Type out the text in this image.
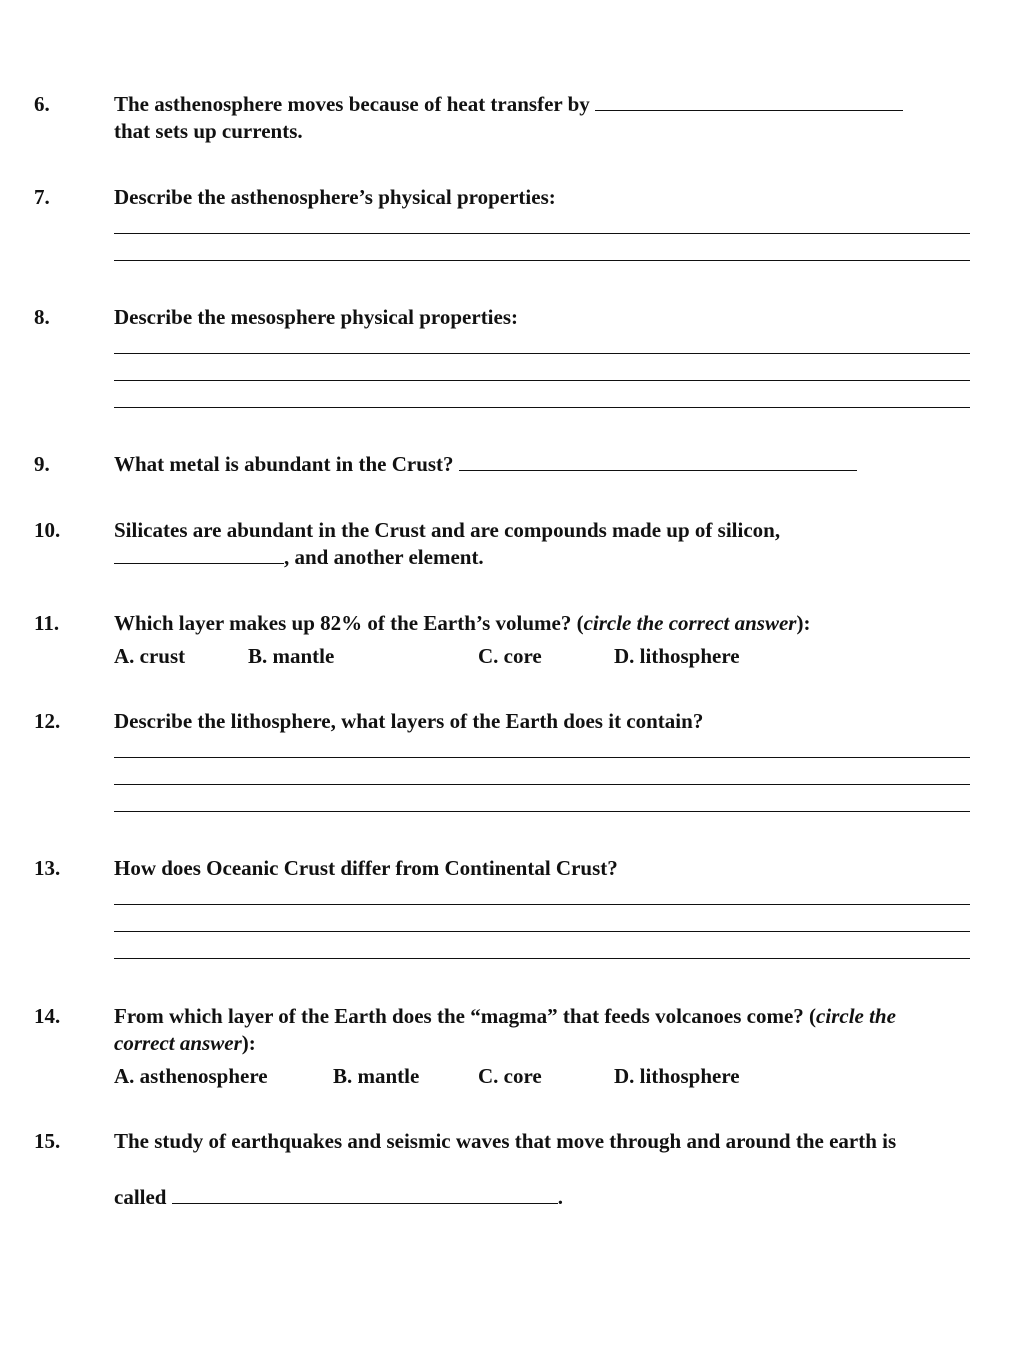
6.	The asthenosphere moves because of heat transfer by
that sets up currents.
7.	Describe the asthenosphere’s physical properties:
8.	Describe the mesosphere physical properties:
9.	What metal is abundant in the Crust?
10.	Silicates are abundant in the Crust and are compounds made up of silicon,
, and another element.
11.	Which layer makes up 82% of the Earth’s volume? (circle the correct answer):
A. crust	B. mantle	C. core	D. lithosphere
12.	Describe the lithosphere, what layers of the Earth does it contain?
13.	How does Oceanic Crust differ from Continental Crust?
14.	From which layer of the Earth does the “magma” that feeds volcanoes come? (circle the
correct answer):
A. asthenosphere	B. mantle	C. core	D. lithosphere
15.	The study of earthquakes and seismic waves that move through and around the earth is
called	.
